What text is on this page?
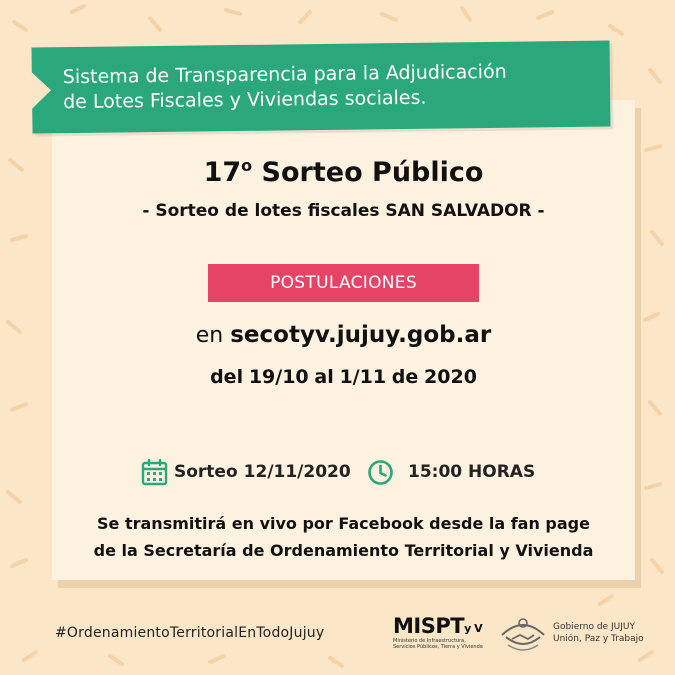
Sistema de Transparencia para la Adjudicación
de Lotes Fiscales y Viviendas sociales.
17$^o$ Sorteo Público
- Sorteo de lotes fiscales SAN SALVADOR -
POSTULACIONES
en secotyv.jujuy.gob.ar
del 19/10 al 1/11 de 2020
Sorteo 12/11/2020	15:00 HORAS
Se transmitirá en vivo por Facebook desde la fan page
de la Secretaría de Ordenamiento Territorial y Vivienda
#OrdenamientoTerritorialEnTodoJujuy	MISPTy V
Ministerio de Infraestructura,
Servicios Públicos, Tierra y Vivienda
Gobierno de JUJUY
Unión, Paz y Trabajo
